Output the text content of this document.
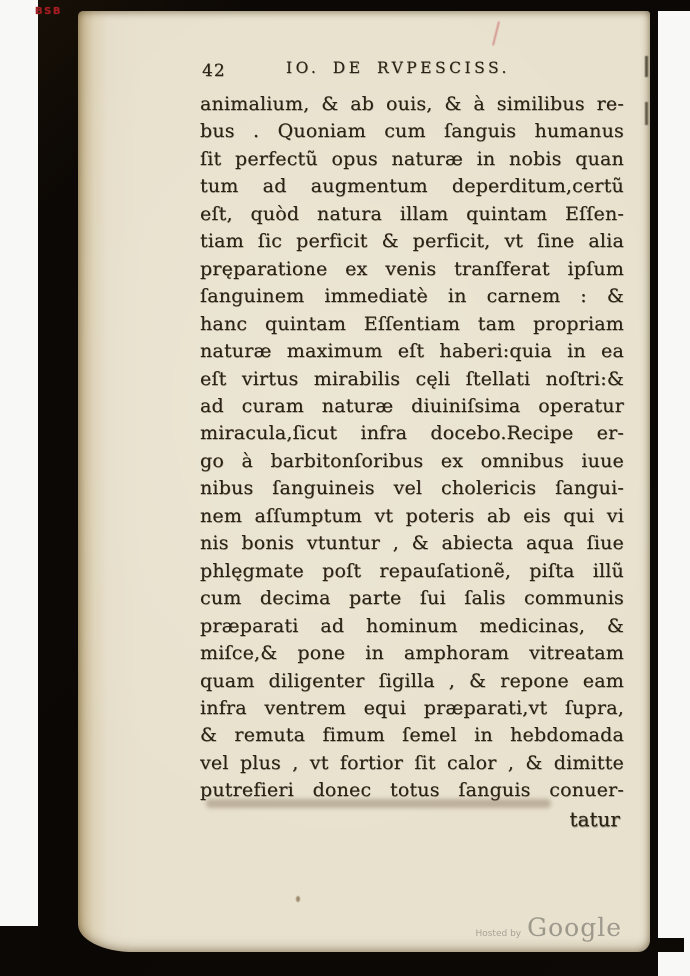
BSB
42	IO. DE RVPESCISS.
animalium, & ab ouis, & à similibus re-
bus . Quoniam cum ſanguis humanus
ſit perfectũ opus naturæ in nobis quan
tum ad augmentum deperditum,certũ
eſt, quòd natura illam quintam Eſſen-
tiam ſic perficit & perficit, vt ſine alia
pręparatione ex venis tranſferat ipſum
ſanguinem immediatè in carnem : &
hanc quintam Eſſentiam tam propriam
naturæ maximum eſt haberi:quia in ea
eſt virtus mirabilis cęli ſtellati noſtri:&
ad curam naturæ diuiniſsima operatur
miracula,ſicut infra docebo.Recipe er-
go à barbitonſoribus ex omnibus iuue
nibus ſanguineis vel cholericis ſangui-
nem aſſumptum vt poteris ab eis qui vi
nis bonis vtuntur , & abiecta aqua ſiue
phlęgmate poſt repauſationẽ, piſta illũ
cum decima parte ſui ſalis communis
præparati ad hominum medicinas, &
miſce,& pone in amphoram vitreatam
quam diligenter ſigilla , & repone eam
infra ventrem equi præparati,vt ſupra,
& remuta fimum ſemel in hebdomada
vel plus , vt fortior ſit calor , & dimitte
putrefieri donec totus ſanguis conuer-
tatur
Hosted by Google
